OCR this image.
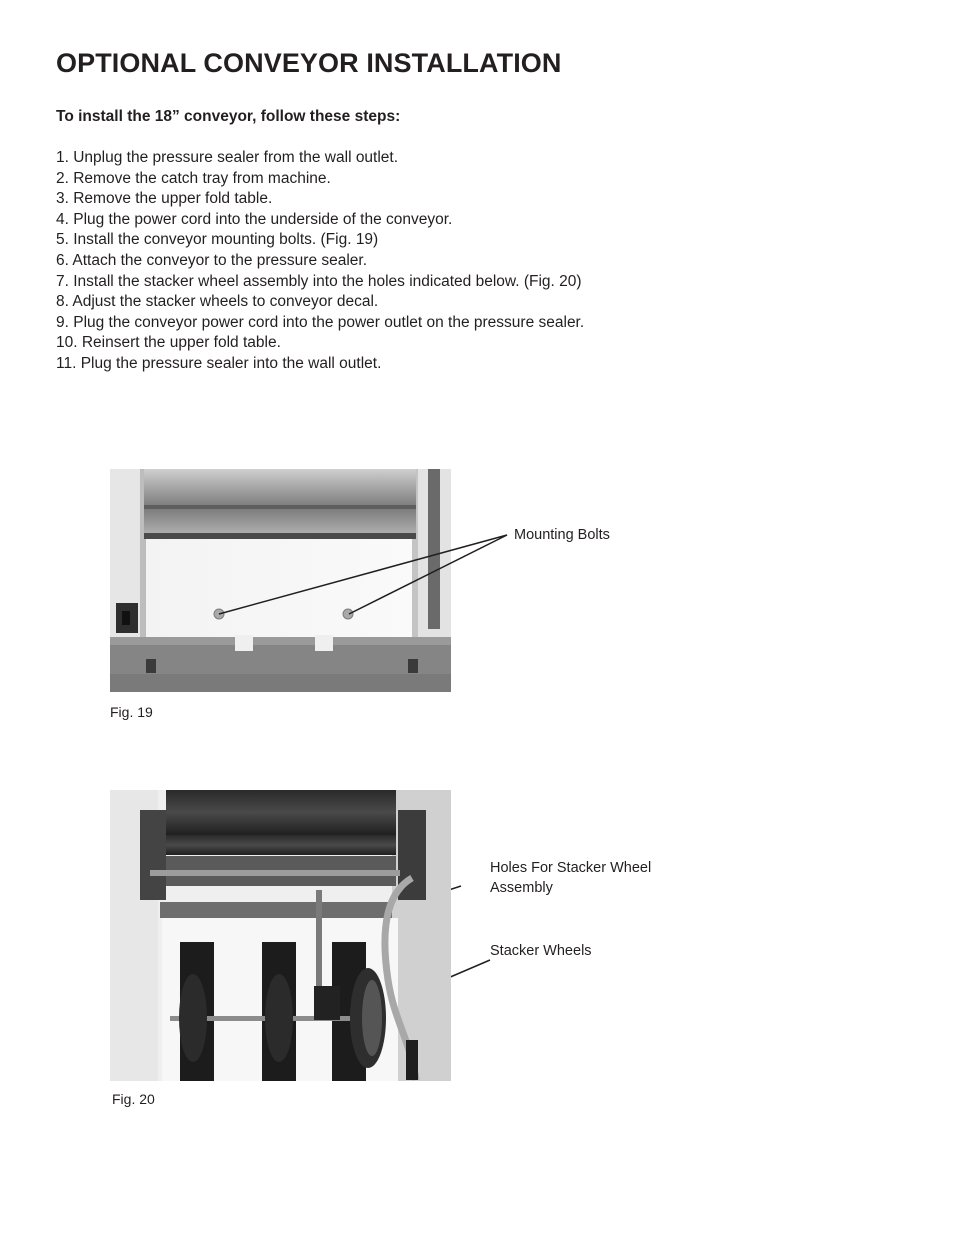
OPTIONAL CONVEYOR INSTALLATION

To install the 18” conveyor, follow these steps:

1. Unplug the pressure sealer from the wall outlet.
2. Remove the catch tray from machine.
3. Remove the upper fold table.
4. Plug the power cord into the underside of the conveyor.
5. Install the conveyor mounting bolts. (Fig. 19)
6. Attach the conveyor to the pressure sealer.
7. Install the stacker wheel assembly into the holes indicated below. (Fig. 20)
8. Adjust the stacker wheels to conveyor decal.
9. Plug the conveyor power cord into the power outlet on the pressure sealer.
10. Reinsert the upper fold table.
11. Plug the pressure sealer into the wall outlet.
Mounting Bolts
Fig. 19
Holes For Stacker Wheel
Assembly
Stacker Wheels
Fig. 20
